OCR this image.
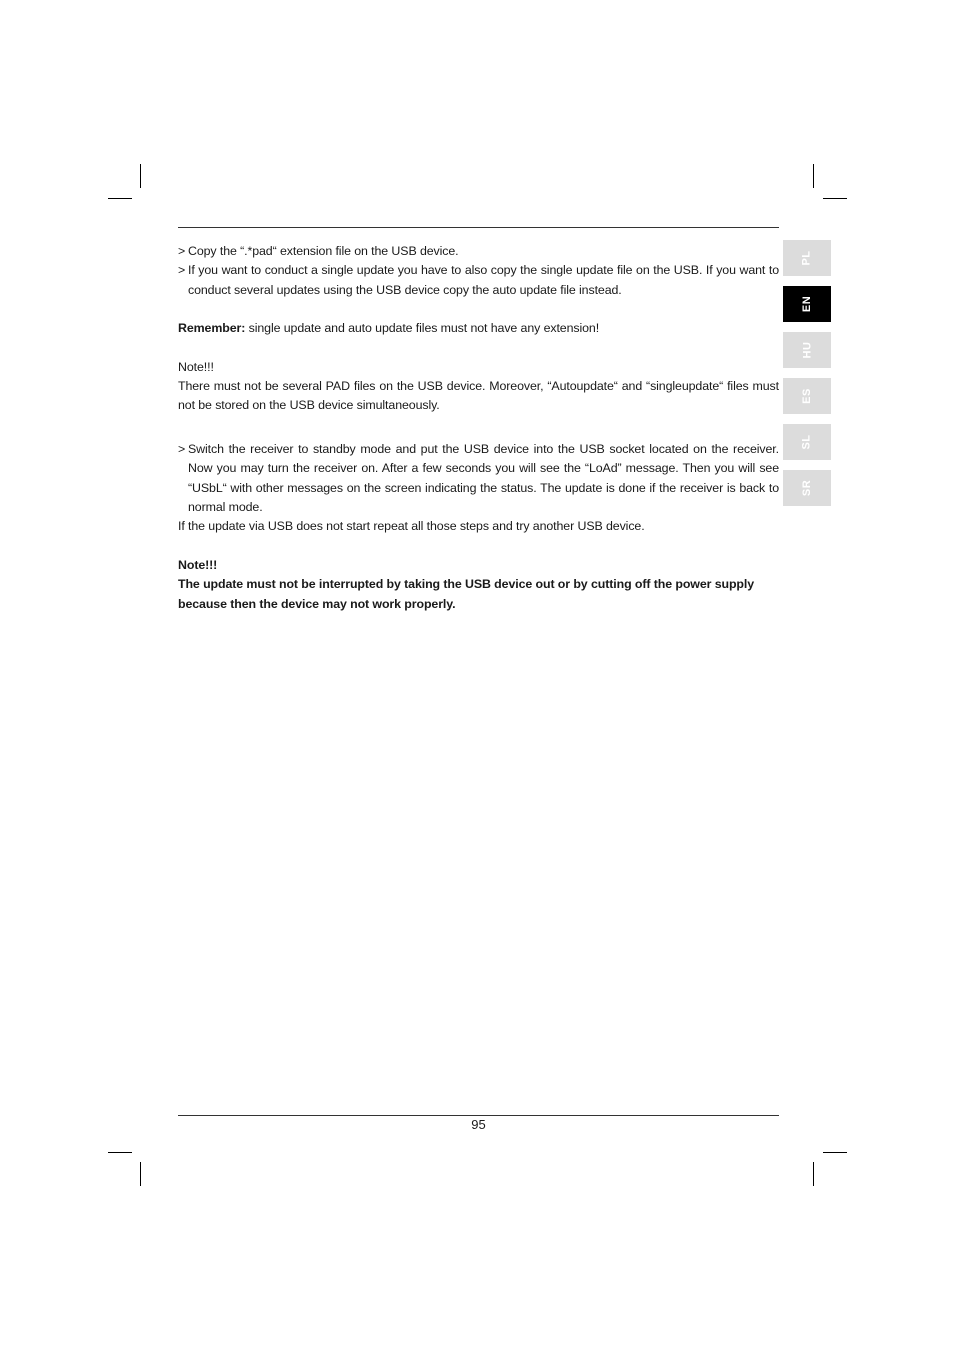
> Copy the “.*pad“ extension file on the USB device.
> If you want to conduct a single update you have to also copy the single update file on the USB. If you want to conduct several updates using the USB device copy the auto update file instead.

Remember: single update and auto update files must not have any extension!

Note!!!

There must not be several PAD files on the USB device. Moreover, “Autoupdate“ and “singleupdate“ files must not be stored on the USB device simultaneously.

> Switch the receiver to standby mode and put the USB device into the USB socket located on the receiver. Now you may turn the receiver on. After a few seconds you will see the “LoAd” message. Then you will see “USbL“ with other messages on the screen indicating the status. The update is done if the receiver is back to normal mode.

If the update via USB does not start repeat all those steps and try another USB device.

Note!!!

The update must not be interrupted by taking the USB device out or by cutting off the power supply because then the device may not work properly.

PL
EN
HU
ES
SL
SR
95
